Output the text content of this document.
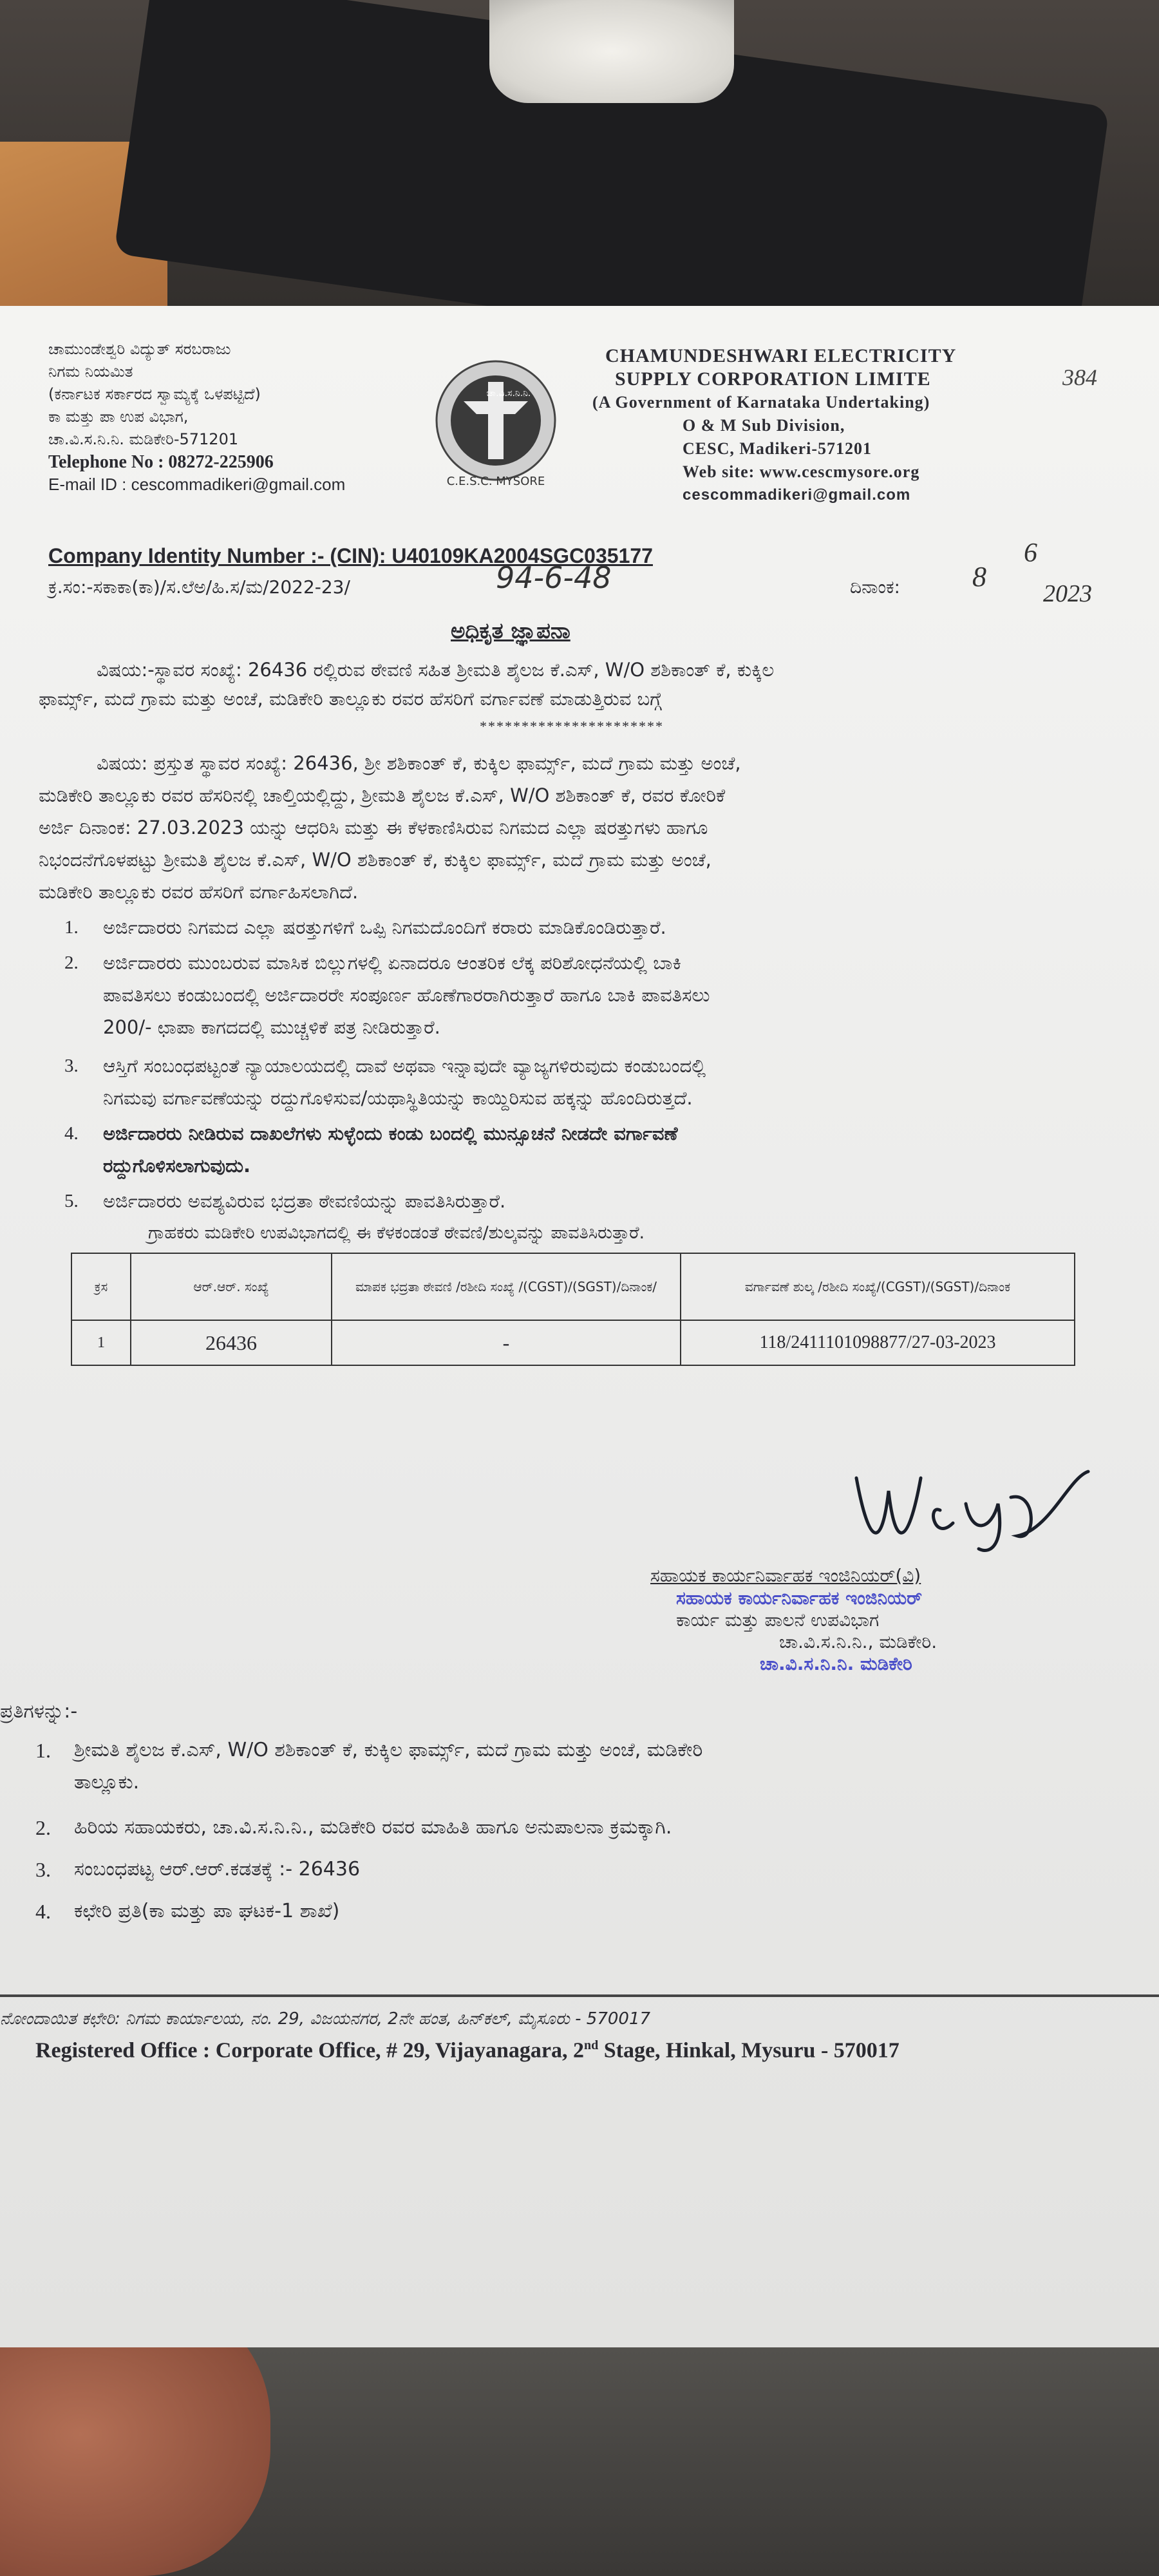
ಚಾಮುಂಡೇಶ್ವರಿ ವಿದ್ಯುತ್ ಸರಬರಾಜು
ನಿಗಮ ನಿಯಮಿತ
(ಕರ್ನಾಟಕ ಸರ್ಕಾರದ ಸ್ವಾಮ್ಯಕ್ಕೆ ಒಳಪಟ್ಟಿದೆ)
ಕಾ ಮತ್ತು ಪಾ ಉಪ ವಿಭಾಗ,
ಚಾ.ವಿ.ಸ.ನಿ.ನಿ. ಮಡಿಕೇರಿ-571201
Telephone No : 08272-225906
E-mail ID : cescommadikeri@gmail.com	C.E.S.C. MYSORE
ಚಾ.ವಿ.ಸ.ನಿ.ನಿ.
CHAMUNDESHWARI ELECTRICITY
SUPPLY CORPORATION LIMITE
(A Government of Karnataka Undertaking)
O & M Sub Division,
CESC, Madikeri-571201
Web site: www.cescmysore.org
cescommadikeri@gmail.com
384
Company Identity Number :- (CIN): U40109KA2004SGC035177	6
ಕ್ರ.ಸಂ:-ಸಕಾಕಾ(ಕಾ)/ಸ.ಲೆಅ/ಹಿ.ಸ/ಮ/2022-23/	94-6-48	ದಿನಾಂಕ:	8
2023
ಅಧಿಕೃತ ಜ್ಞಾಪನಾ
ವಿಷಯ:-ಸ್ಥಾವರ ಸಂಖ್ಯೆ: 26436 ರಲ್ಲಿರುವ ಠೇವಣಿ ಸಹಿತ ಶ್ರೀಮತಿ ಶೈಲಜ ಕೆ.ಎಸ್, W/O ಶಶಿಕಾಂತ್ ಕೆ, ಕುಕ್ಕಿಲ
ಫಾರ್ಮ್ಸ್, ಮದೆ ಗ್ರಾಮ ಮತ್ತು ಅಂಚೆ, ಮಡಿಕೇರಿ ತಾಲ್ಲೂಕು ರವರ ಹೆಸರಿಗೆ ವರ್ಗಾವಣೆ ಮಾಡುತ್ತಿರುವ ಬಗ್ಗೆ
**********************
ವಿಷಯ: ಪ್ರಸ್ತುತ ಸ್ಥಾವರ ಸಂಖ್ಯೆ: 26436, ಶ್ರೀ ಶಶಿಕಾಂತ್ ಕೆ, ಕುಕ್ಕಿಲ ಫಾರ್ಮ್ಸ್, ಮದೆ ಗ್ರಾಮ ಮತ್ತು ಅಂಚೆ,
ಮಡಿಕೇರಿ ತಾಲ್ಲೂಕು ರವರ ಹೆಸರಿನಲ್ಲಿ ಚಾಲ್ತಿಯಲ್ಲಿದ್ದು, ಶ್ರೀಮತಿ ಶೈಲಜ ಕೆ.ಎಸ್, W/O ಶಶಿಕಾಂತ್ ಕೆ, ರವರ ಕೋರಿಕೆ
ಅರ್ಜಿ ದಿನಾಂಕ: 27.03.2023 ಯನ್ನು ಆಧರಿಸಿ ಮತ್ತು ಈ ಕೆಳಕಾಣಿಸಿರುವ ನಿಗಮದ ಎಲ್ಲಾ ಷರತ್ತುಗಳು ಹಾಗೂ
ನಿಭಂದನೆಗೊಳಪಟ್ಟು ಶ್ರೀಮತಿ ಶೈಲಜ ಕೆ.ಎಸ್, W/O ಶಶಿಕಾಂತ್ ಕೆ, ಕುಕ್ಕಿಲ ಫಾರ್ಮ್ಸ್, ಮದೆ ಗ್ರಾಮ ಮತ್ತು ಅಂಚೆ,
ಮಡಿಕೇರಿ ತಾಲ್ಲೂಕು ರವರ ಹೆಸರಿಗೆ ವರ್ಗಾಹಿಸಲಾಗಿದೆ.
1. ಅರ್ಜಿದಾರರು ನಿಗಮದ ಎಲ್ಲಾ ಷರತ್ತುಗಳಿಗೆ ಒಪ್ಪಿ ನಿಗಮದೊಂದಿಗೆ ಕರಾರು ಮಾಡಿಕೊಂಡಿರುತ್ತಾರೆ.
2. ಅರ್ಜಿದಾರರು ಮುಂಬರುವ ಮಾಸಿಕ ಬಿಲ್ಲುಗಳಲ್ಲಿ ಏನಾದರೂ ಆಂತರಿಕ ಲೆಕ್ಕ ಪರಿಶೋಧನೆಯಲ್ಲಿ ಬಾಕಿ
ಪಾವತಿಸಲು ಕಂಡುಬಂದಲ್ಲಿ ಅರ್ಜಿದಾರರೇ ಸಂಪೂರ್ಣ ಹೊಣೆಗಾರರಾಗಿರುತ್ತಾರೆ ಹಾಗೂ ಬಾಕಿ ಪಾವತಿಸಲು
200/- ಛಾಪಾ ಕಾಗದದಲ್ಲಿ ಮುಚ್ಚಳಿಕೆ ಪತ್ರ ನೀಡಿರುತ್ತಾರೆ.
3. ಆಸ್ತಿಗೆ ಸಂಬಂಧಪಟ್ಟಂತೆ ನ್ಯಾಯಾಲಯದಲ್ಲಿ ದಾವೆ ಅಥವಾ ಇನ್ನಾವುದೇ ವ್ಯಾಜ್ಯಗಳಿರುವುದು ಕಂಡುಬಂದಲ್ಲಿ
ನಿಗಮವು ವರ್ಗಾವಣೆಯನ್ನು ರದ್ದುಗೊಳಿಸುವ/ಯಥಾಸ್ಥಿತಿಯನ್ನು ಕಾಯ್ದಿರಿಸುವ ಹಕ್ಕನ್ನು ಹೊಂದಿರುತ್ತದೆ.
4. ಅರ್ಜಿದಾರರು ನೀಡಿರುವ ದಾಖಲೆಗಳು ಸುಳ್ಳೆಂದು ಕಂಡು ಬಂದಲ್ಲಿ ಮುನ್ಸೂಚನೆ ನೀಡದೇ ವರ್ಗಾವಣೆ
ರದ್ದುಗೊಳಿಸಲಾಗುವುದು.
5. ಅರ್ಜಿದಾರರು ಅವಶ್ಯವಿರುವ ಭದ್ರತಾ ಠೇವಣಿಯನ್ನು ಪಾವತಿಸಿರುತ್ತಾರೆ.
ಗ್ರಾಹಕರು ಮಡಿಕೇರಿ ಉಪವಿಭಾಗದಲ್ಲಿ ಈ ಕೆಳಕಂಡಂತೆ ಠೇವಣಿ/ಶುಲ್ಕವನ್ನು ಪಾವತಿಸಿರುತ್ತಾರೆ.
ಕ್ರಸ	ಆರ್.ಆರ್. ಸಂಖ್ಯೆ	ಮಾಪಕ ಭದ್ರತಾ ಠೇವಣಿ /ರಶೀದಿ ಸಂಖ್ಯೆ /(CGST)/(SGST)/ದಿನಾಂಕ/	ವರ್ಗಾವಣೆ ಶುಲ್ಕ /ರಶೀದಿ ಸಂಖ್ಯೆ/(CGST)/(SGST)/ದಿನಾಂಕ
1	26436	-	118/2411101098877/27-03-2023
ಸಹಾಯಕ ಕಾರ್ಯನಿರ್ವಾಹಕ ಇಂಜಿನಿಯರ್(ವಿ)
ಸಹಾಯಕ ಕಾರ್ಯನಿರ್ವಾಹಕ ಇಂಜಿನಿಯರ್
ಕಾರ್ಯ ಮತ್ತು ಪಾಲನೆ ಉಪವಿಭಾಗ
ಚಾ.ವಿ.ಸ.ನಿ.ನಿ., ಮಡಿಕೇರಿ.
ಚಾ.ವಿ.ಸ.ನಿ.ನಿ. ಮಡಿಕೇರಿ
ಪ್ರತಿಗಳನ್ನು:-
1. ಶ್ರೀಮತಿ ಶೈಲಜ ಕೆ.ಎಸ್, W/O ಶಶಿಕಾಂತ್ ಕೆ, ಕುಕ್ಕಿಲ ಫಾರ್ಮ್ಸ್, ಮದೆ ಗ್ರಾಮ ಮತ್ತು ಅಂಚೆ, ಮಡಿಕೇರಿ
ತಾಲ್ಲೂಕು.
2. ಹಿರಿಯ ಸಹಾಯಕರು, ಚಾ.ವಿ.ಸ.ನಿ.ನಿ., ಮಡಿಕೇರಿ ರವರ ಮಾಹಿತಿ ಹಾಗೂ ಅನುಪಾಲನಾ ಕ್ರಮಕ್ಕಾಗಿ.
3. ಸಂಬಂಧಪಟ್ಟ ಆರ್.ಆರ್.ಕಡತಕ್ಕೆ :- 26436
4. ಕಛೇರಿ ಪ್ರತಿ(ಕಾ ಮತ್ತು ಪಾ ಘಟಕ-1 ಶಾಖೆ)
ನೋಂದಾಯಿತ ಕಛೇರಿ: ನಿಗಮ ಕಾರ್ಯಾಲಯ, ನಂ. 29, ವಿಜಯನಗರ, 2ನೇ ಹಂತ, ಹಿನ್‌ಕಲ್, ಮೈಸೂರು - 570017
Registered Office : Corporate Office, # 29, Vijayanagara, 2nd Stage, Hinkal, Mysuru - 570017
